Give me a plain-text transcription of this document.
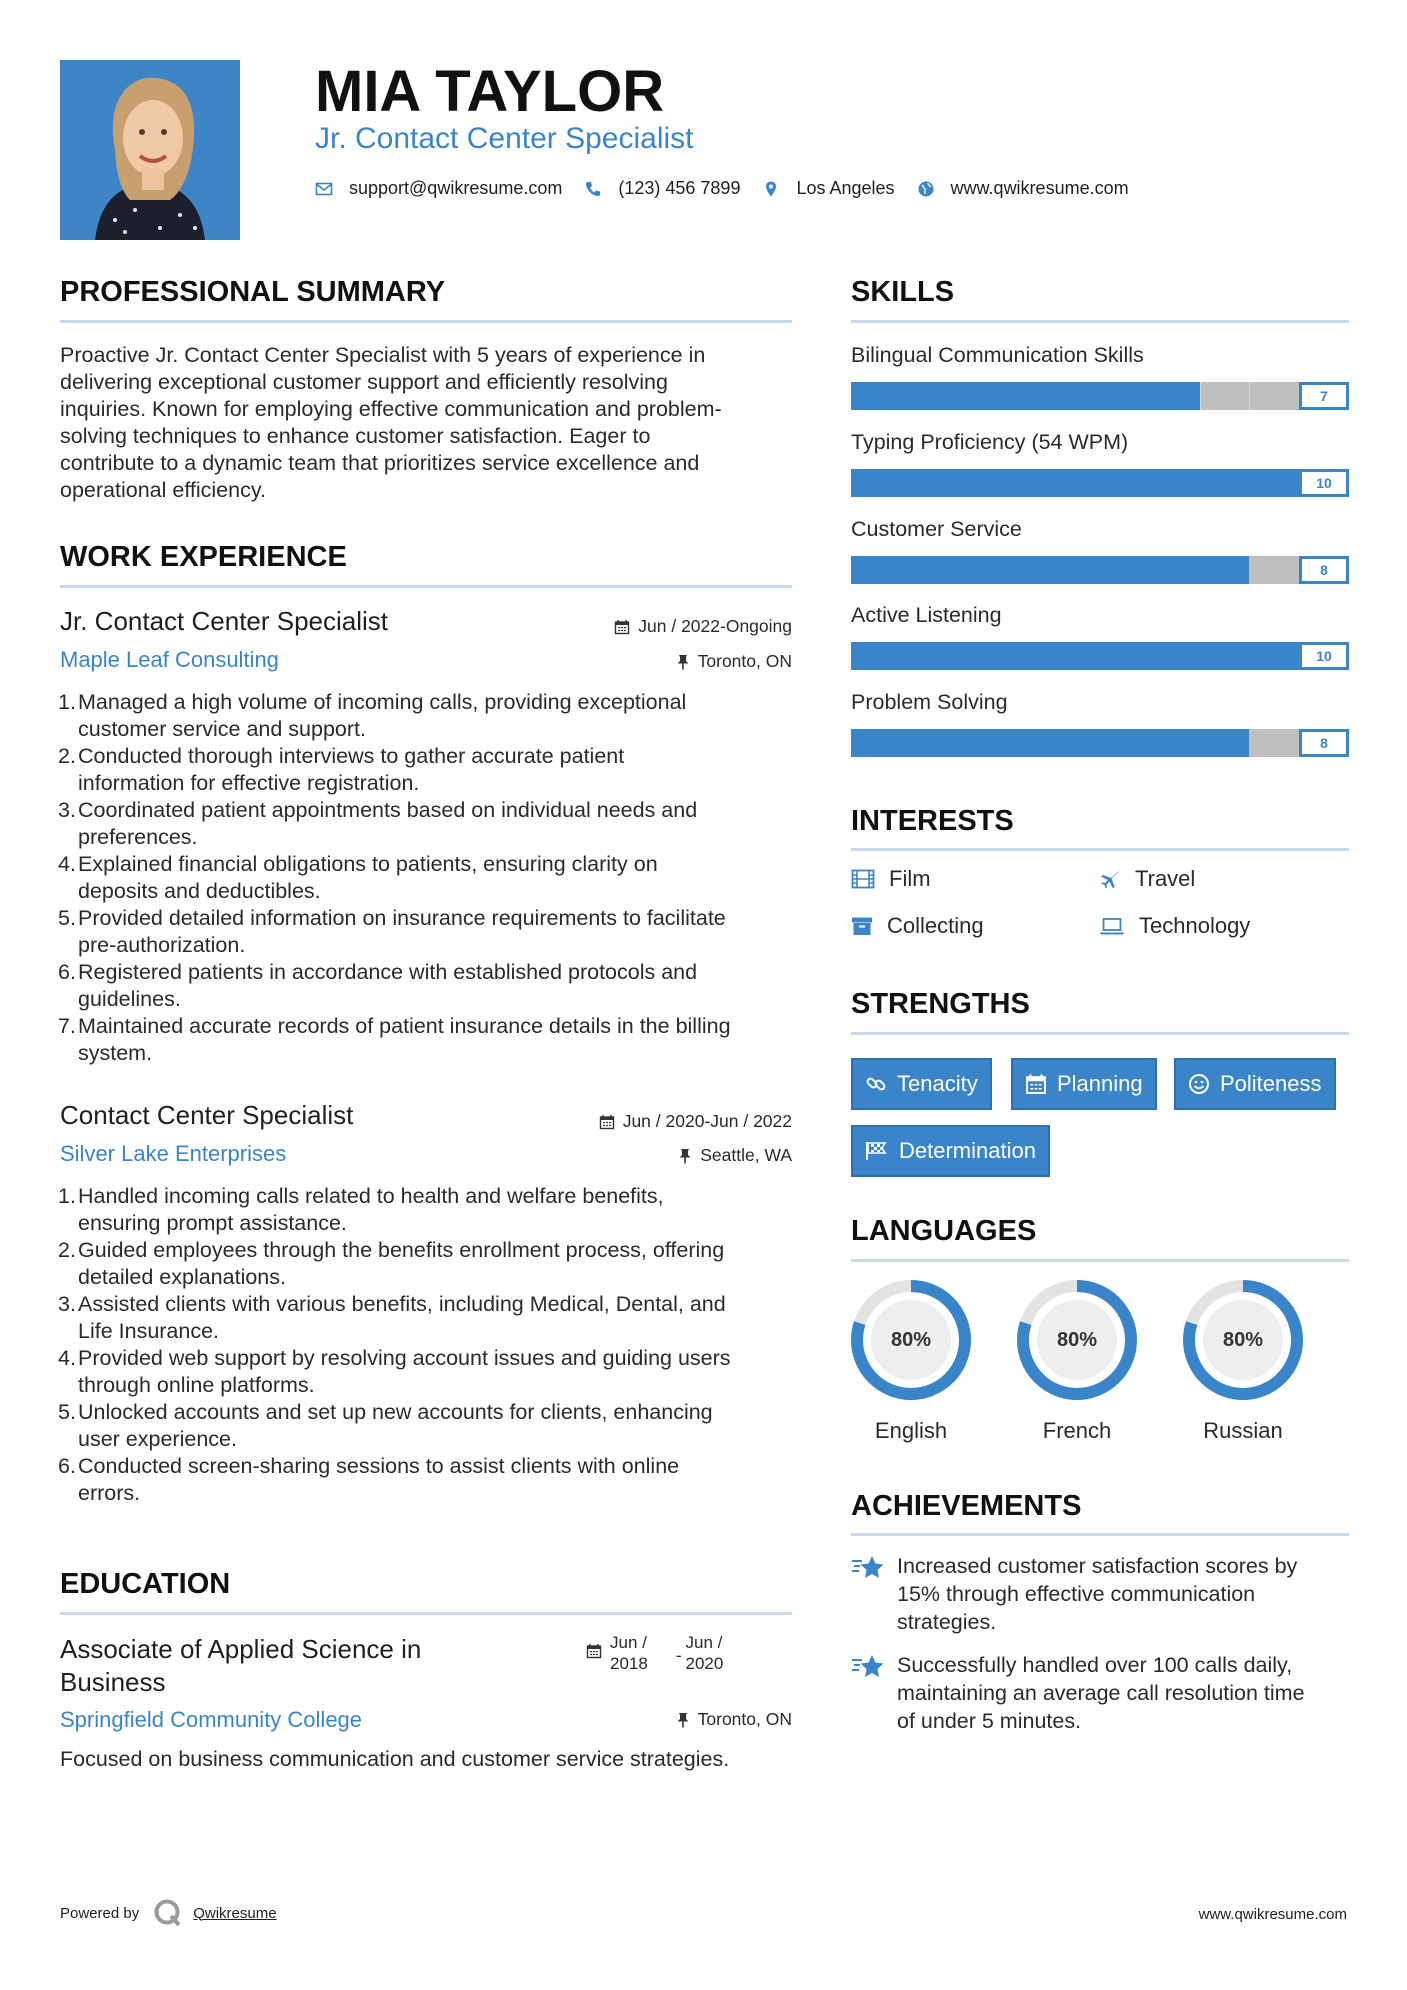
MIA TAYLOR
Jr. Contact Center Specialist
support@qwikresume.com	(123) 456 7899	Los Angeles	www.qwikresume.com
PROFESSIONAL SUMMARY
Proactive Jr. Contact Center Specialist with 5 years of experience in
delivering exceptional customer support and efficiently resolving
inquiries. Known for employing effective communication and problem-
solving techniques to enhance customer satisfaction. Eager to
contribute to a dynamic team that prioritizes service excellence and
operational efficiency.
WORK EXPERIENCE
Jr. Contact Center Specialist	Jun / 2022-Ongoing
Maple Leaf Consulting	Toronto, ON
1. Managed a high volume of incoming calls, providing exceptional
customer service and support.
2. Conducted thorough interviews to gather accurate patient
information for effective registration.
3. Coordinated patient appointments based on individual needs and
preferences.
4. Explained financial obligations to patients, ensuring clarity on
deposits and deductibles.
5. Provided detailed information on insurance requirements to facilitate
pre-authorization.
6. Registered patients in accordance with established protocols and
guidelines.
7. Maintained accurate records of patient insurance details in the billing
system.
Contact Center Specialist	Jun / 2020-Jun / 2022
Silver Lake Enterprises	Seattle, WA
1. Handled incoming calls related to health and welfare benefits,
ensuring prompt assistance.
2. Guided employees through the benefits enrollment process, offering
detailed explanations.
3. Assisted clients with various benefits, including Medical, Dental, and
Life Insurance.
4. Provided web support by resolving account issues and guiding users
through online platforms.
5. Unlocked accounts and set up new accounts for clients, enhancing
user experience.
6. Conducted screen-sharing sessions to assist clients with online
errors.
EDUCATION
Associate of Applied Science in
Business
Jun /
2018 -
Jun /
2020
Springfield Community College	Toronto, ON
Focused on business communication and customer service strategies.
SKILLS
Bilingual Communication Skills
7
Typing Proficiency (54 WPM)
10
Customer Service
8
Active Listening
10
Problem Solving
8
INTERESTS
Film	Travel
Collecting	Technology
STRENGTHS
Tenacity	Planning	Politeness
Determination
LANGUAGES
80%
English
80%
French
80%
Russian
ACHIEVEMENTS
Increased customer satisfaction scores by
15% through effective communication
strategies.
Successfully handled over 100 calls daily,
maintaining an average call resolution time
of under 5 minutes.
Powered by	Qwikresume	www.qwikresume.com
